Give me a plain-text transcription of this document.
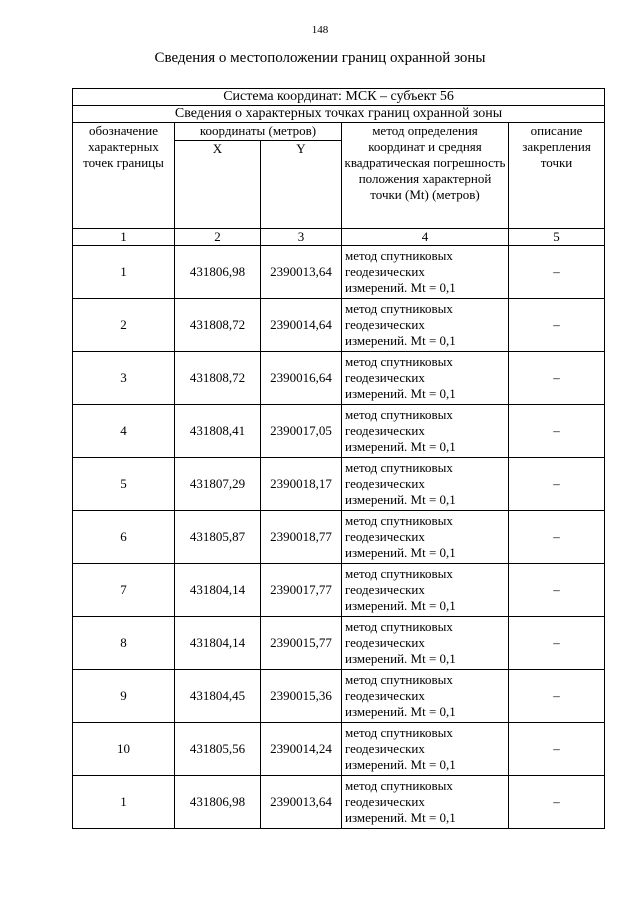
148
Сведения о местоположении границ охранной зоны
Система координат: МСК – субъект 56				
Сведения о характерных точках границ охранной зоны				
обозначение характерных точек границы	координаты (метров)		метод определения координат и средняя квадратическая погрешность положения характерной точки (Mt) (метров)	описание закрепления точки
	X	Y		
1	2	3	4	5
1	431806,98	2390013,64	метод спутниковых
геодезических
измерений. Mt = 0,1	–
2	431808,72	2390014,64	метод спутниковых
геодезических
измерений. Mt = 0,1	–
3	431808,72	2390016,64	метод спутниковых
геодезических
измерений. Mt = 0,1	–
4	431808,41	2390017,05	метод спутниковых
геодезических
измерений. Mt = 0,1	–
5	431807,29	2390018,17	метод спутниковых
геодезических
измерений. Mt = 0,1	–
6	431805,87	2390018,77	метод спутниковых
геодезических
измерений. Mt = 0,1	–
7	431804,14	2390017,77	метод спутниковых
геодезических
измерений. Mt = 0,1	–
8	431804,14	2390015,77	метод спутниковых
геодезических
измерений. Mt = 0,1	–
9	431804,45	2390015,36	метод спутниковых
геодезических
измерений. Mt = 0,1	–
10	431805,56	2390014,24	метод спутниковых
геодезических
измерений. Mt = 0,1	–
1	431806,98	2390013,64	метод спутниковых
геодезических
измерений. Mt = 0,1	–
